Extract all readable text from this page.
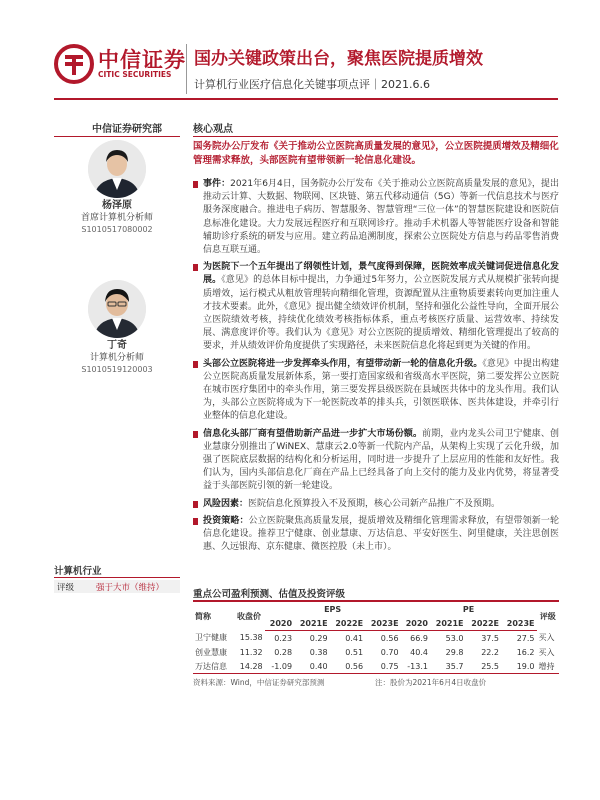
中信证券
CITIC SECURITIES
国办关键政策出台，聚焦医院提质增效
计算机行业医疗信息化关键事项点评｜2021.6.6
中信证券研究部
杨泽原
首席计算机分析师
S1010517080002
丁奇
计算机分析师
S1010519120003
计算机行业
评级	强于大市（维持）
核心观点
国务院办公厅发布《关于推动公立医院高质量发展的意见》，公立医院提质增效及精细化管理需求释放，头部医院有望带领新一轮信息化建设。
事件：2021年6月4日，国务院办公厅发布《关于推动公立医院高质量发展的意见》，提出推动云计算、大数据、物联网、区块链、第五代移动通信（5G）等新一代信息技术与医疗服务深度融合。推进电子病历、智慧服务、智慧管理“三位一体”的智慧医院建设和医院信息标准化建设。大力发展远程医疗和互联网诊疗。推动手术机器人等智能医疗设备和智能辅助诊疗系统的研发与应用。建立药品追溯制度，探索公立医院处方信息与药品零售消费信息互联互通。
为医院下一个五年提出了纲领性计划，景气度得到保障，医院效率成关键词促进信息化发展。《意见》的总体目标中提出，力争通过5年努力，公立医院发展方式从规模扩张转向提质增效，运行模式从粗放管理转向精细化管理，资源配置从注重物质要素转向更加注重人才技术要素。此外，《意见》提出健全绩效评价机制，坚持和强化公益性导向，全面开展公立医院绩效考核，持续优化绩效考核指标体系，重点考核医疗质量、运营效率、持续发展、满意度评价等。我们认为《意见》对公立医院的提质增效、精细化管理提出了较高的要求，并从绩效评价角度提供了实现路径，未来医院信息化将起到更为关键的作用。
头部公立医院将进一步发挥牵头作用，有望带动新一轮的信息化升级。《意见》中提出构建公立医院高质量发展新体系，第一要打造国家级和省级高水平医院，第二要发挥公立医院在城市医疗集团中的牵头作用，第三要发挥县级医院在县域医共体中的龙头作用。我们认为，头部公立医院将成为下一轮医院改革的排头兵，引领医联体、医共体建设，并牵引行业整体的信息化建设。
信息化头部厂商有望借助新产品进一步扩大市场份额。前期，业内龙头公司卫宁健康、创业慧康分别推出了WiNEX、慧康云2.0等新一代院内产品，从架构上实现了云化升级，加强了医院底层数据的结构化和分析运用，同时进一步提升了上层应用的性能和友好性。我们认为，国内头部信息化厂商在产品上已经具备了向上交付的能力及业内优势，将显著受益于头部医院引领的新一轮建设。
风险因素：医院信息化预算投入不及预期，核心公司新产品推广不及预期。
投资策略：公立医院聚焦高质量发展，提质增效及精细化管理需求释放，有望带领新一轮信息化建设。推荐卫宁健康、创业慧康、万达信息、平安好医生、阿里健康，关注思创医惠、久远银海、京东健康、微医控股（未上市）。
重点公司盈利预测、估值及投资评级
简称	收盘价	EPS				PE				评级
		2020	2021E	2022E	2023E	2020	2021E	2022E	2023E	
卫宁健康	15.38	0.23	0.29	0.41	0.56	66.9	53.0	37.5	27.5	买入
创业慧康	11.32	0.28	0.38	0.51	0.70	40.4	29.8	22.2	16.2	买入
万达信息	14.28	-1.09	0.40	0.56	0.75	-13.1	35.7	25.5	19.0	增持
资料来源：Wind，中信证券研究部预测	注：股价为2021年6月4日收盘价
